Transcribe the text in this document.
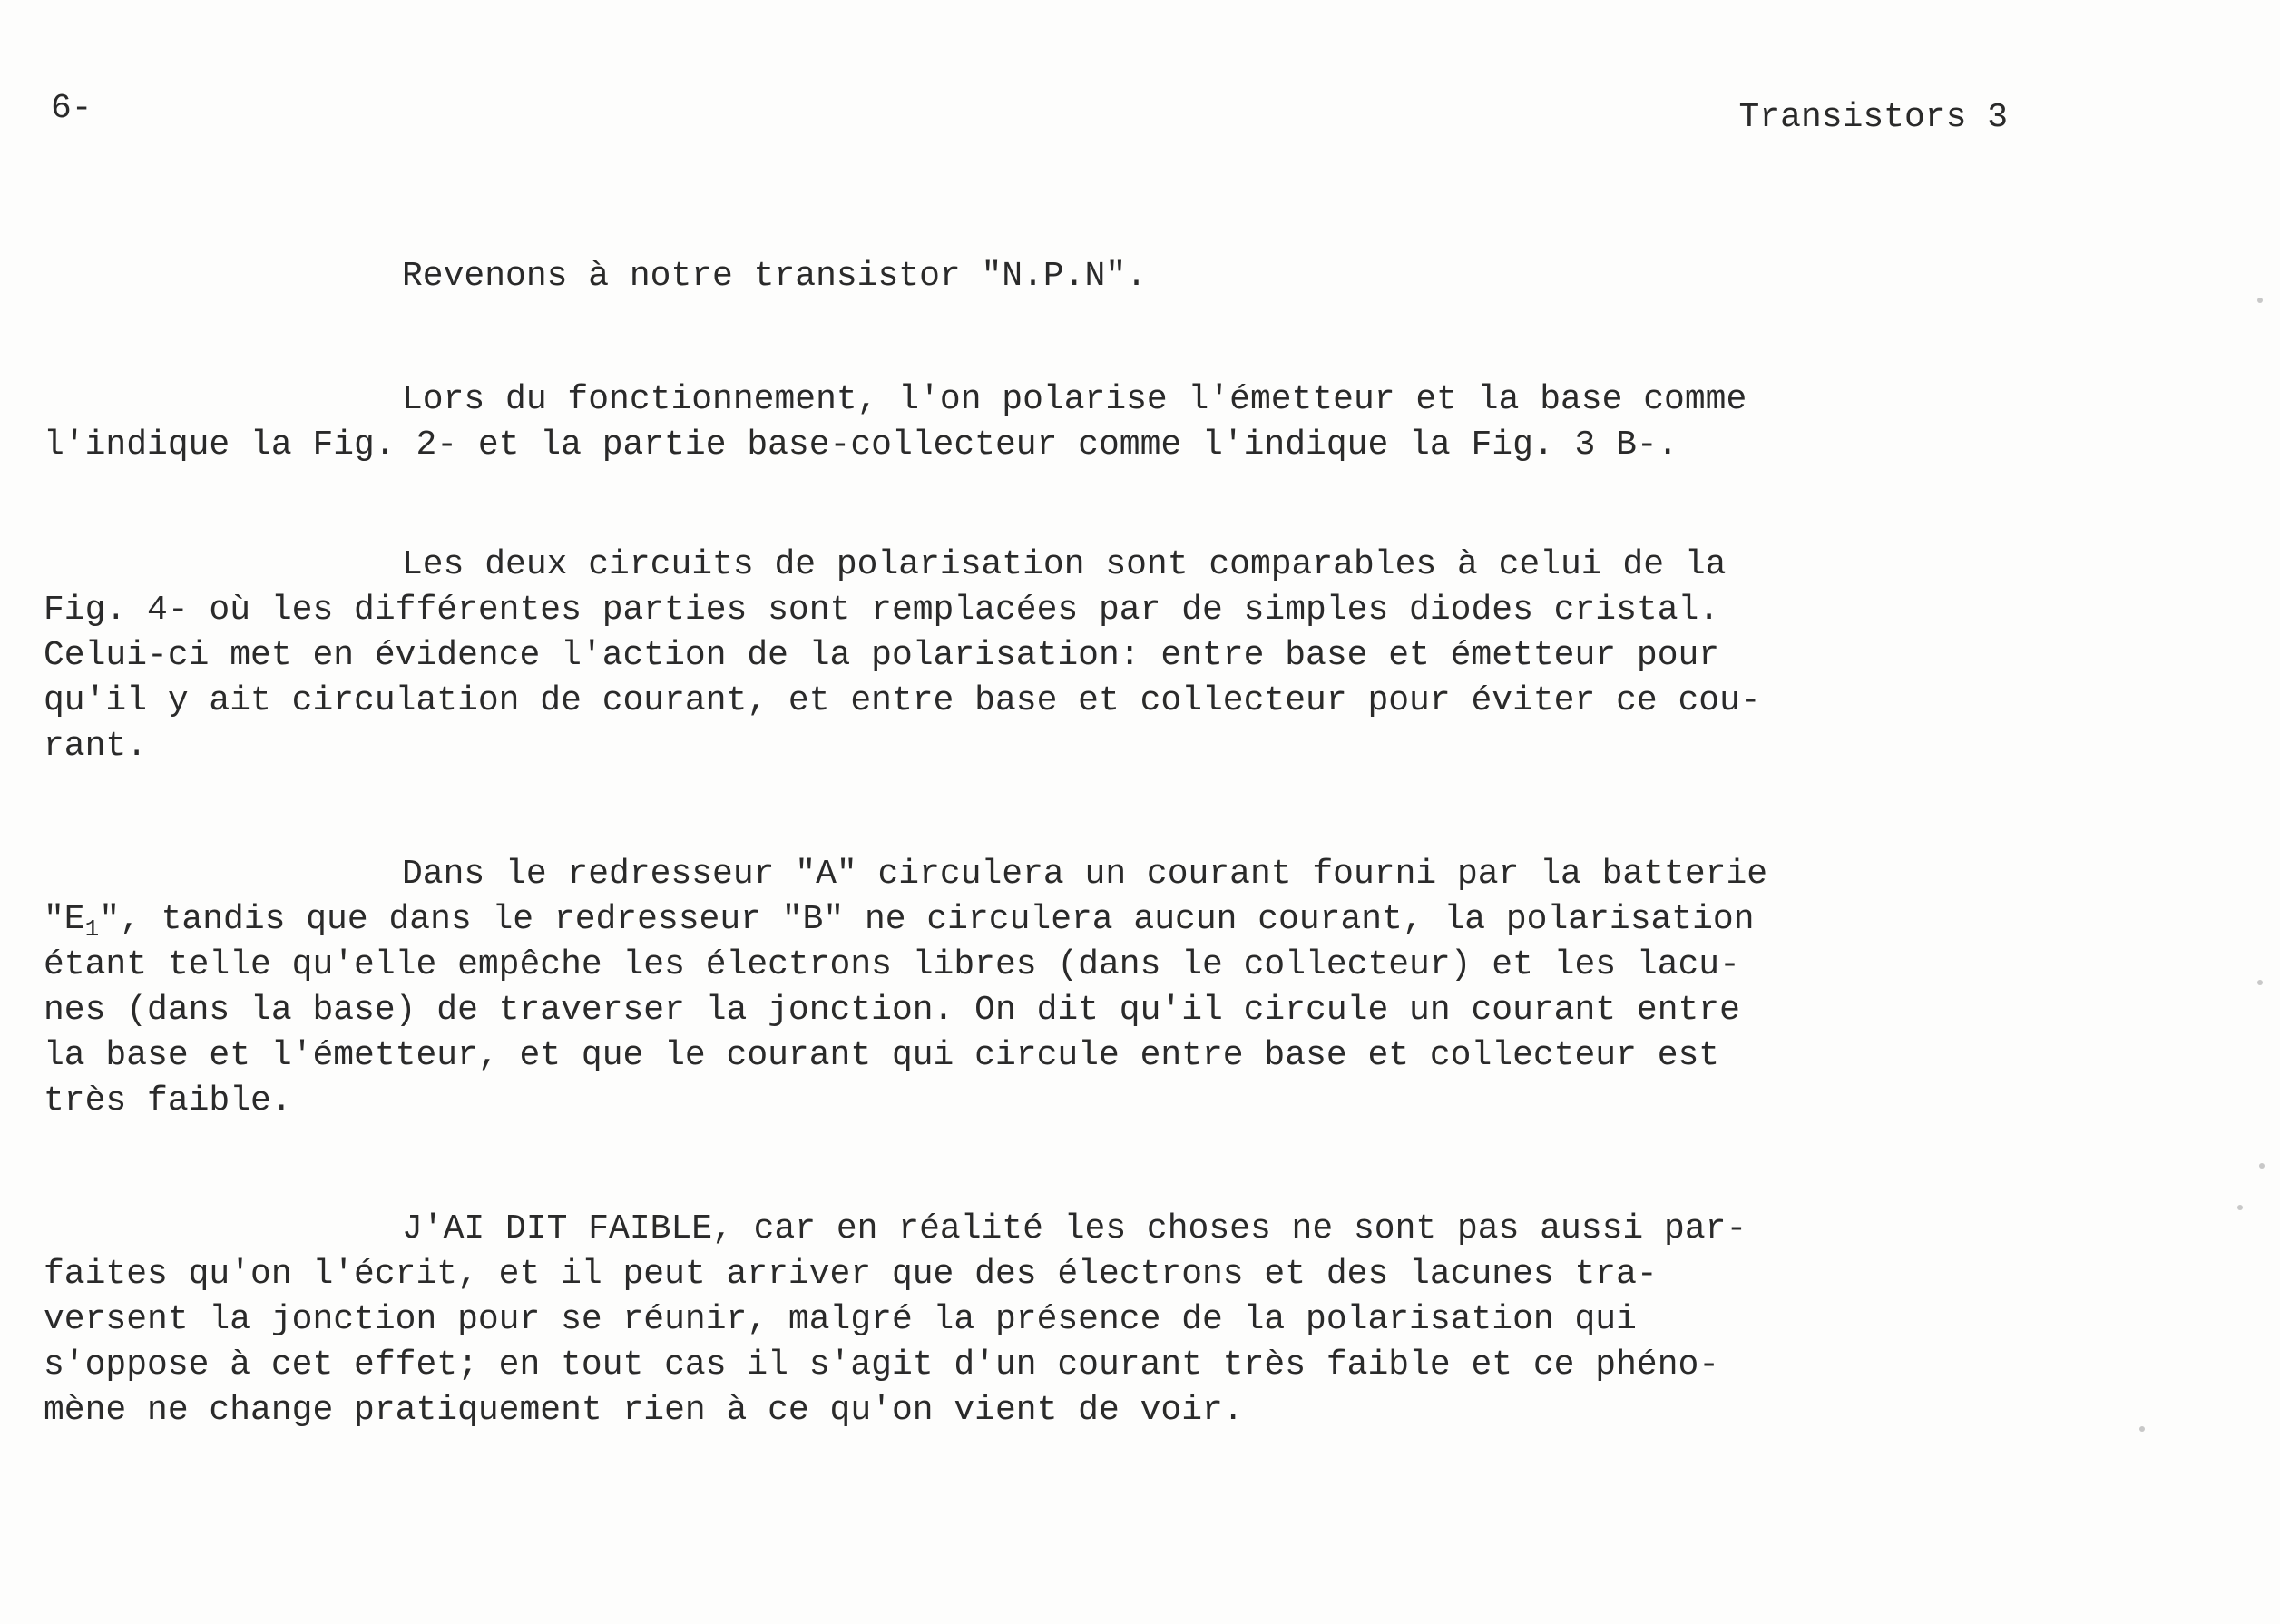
6-	Transistors 3
Revenons à notre transistor "N.P.N".
Lors du fonctionnement, l'on polarise l'émetteur et la base comme
l'indique la Fig. 2- et la partie base-collecteur comme l'indique la Fig. 3 B-.
Les deux circuits de polarisation sont comparables à celui de la
Fig. 4- où les différentes parties sont remplacées par de simples diodes cristal.
Celui-ci met en évidence l'action de la polarisation: entre base et émetteur pour
qu'il y ait circulation de courant, et entre base et collecteur pour éviter ce cou-
rant.
Dans le redresseur "A" circulera un courant fourni par la batterie
"$E_1$", tandis que dans le redresseur "B" ne circulera aucun courant, la polarisation
étant telle qu'elle empêche les électrons libres (dans le collecteur) et les lacu-
nes (dans la base) de traverser la jonction. On dit qu'il circule un courant entre
la base et l'émetteur, et que le courant qui circule entre base et collecteur est
très faible.
J'AI DIT FAIBLE, car en réalité les choses ne sont pas aussi par-
faites qu'on l'écrit, et il peut arriver que des électrons et des lacunes tra-
versent la jonction pour se réunir, malgré la présence de la polarisation qui
s'oppose à cet effet; en tout cas il s'agit d'un courant très faible et ce phéno-
mène ne change pratiquement rien à ce qu'on vient de voir.
